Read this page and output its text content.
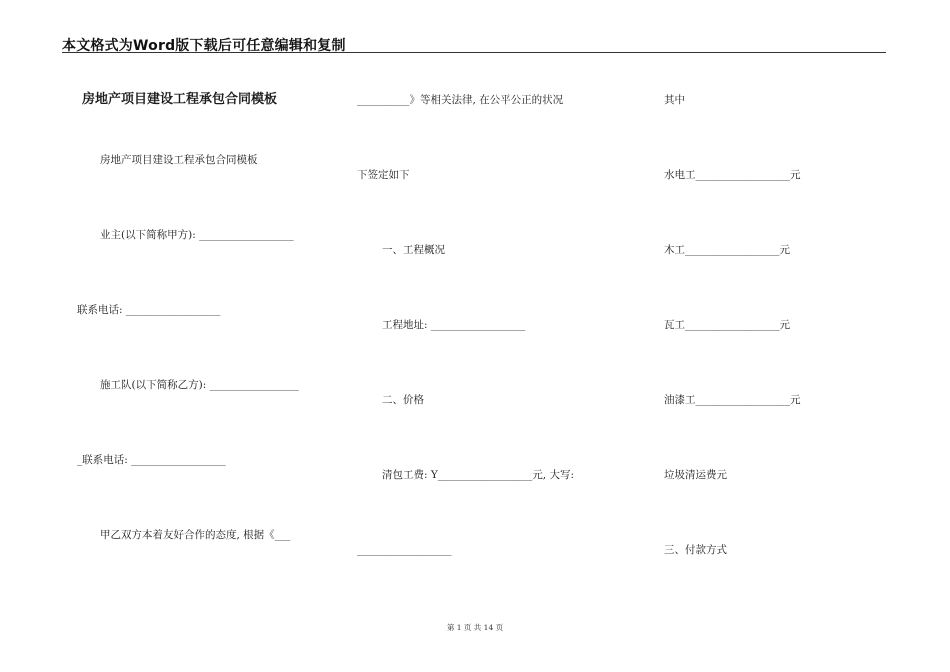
本文格式为Word版下载后可任意编辑和复制
房地产项目建设工程承包合同模板
房地产项目建设工程承包合同模板
业主(以下简称甲方): __________________
联系电话: __________________
施工队(以下简称乙方): _________________
_联系电话: __________________
甲乙双方本着友好合作的态度, 根据《___
__________》等相关法律, 在公平公正的状况
下签定如下
一、工程概况
工程地址: __________________
二、价格
清包工费: Y__________________元, 大写:
__________________
其中
水电工__________________元
木工__________________元
瓦工__________________元
油漆工__________________元
垃圾清运费元
三、付款方式
第 1 页 共 14 页
